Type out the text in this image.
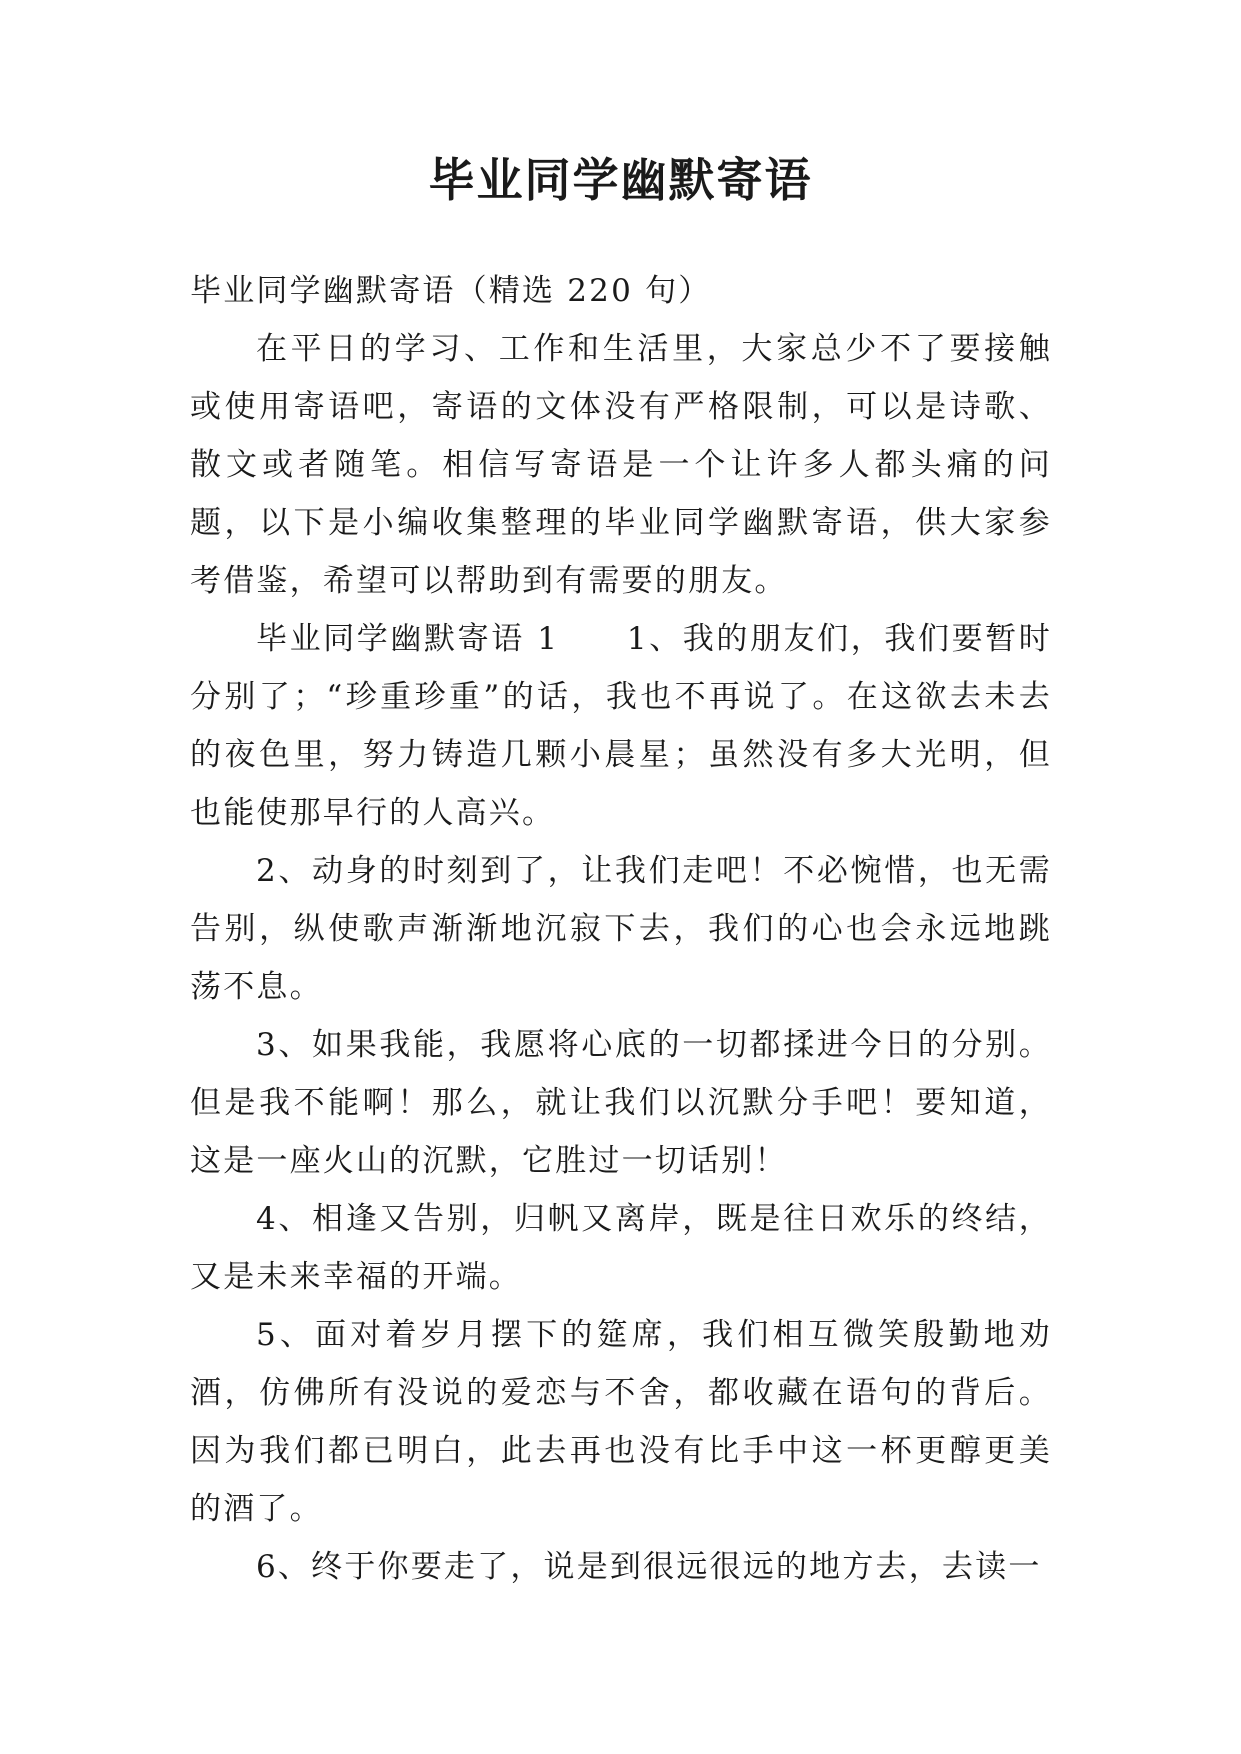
毕业同学幽默寄语

毕业同学幽默寄语（精选 220 句）

在平日的学习、工作和生活里，大家总少不了要接触或使用寄语吧，寄语的文体没有严格限制，可以是诗歌、散文或者随笔。相信写寄语是一个让许多人都头痛的问题，以下是小编收集整理的毕业同学幽默寄语，供大家参考借鉴，希望可以帮助到有需要的朋友。

毕业同学幽默寄语 1　　1、我的朋友们，我们要暂时分别了；“珍重珍重”的话，我也不再说了。在这欲去未去的夜色里，努力铸造几颗小晨星；虽然没有多大光明，但也能使那早行的人高兴。

2、动身的时刻到了，让我们走吧！不必惋惜，也无需告别，纵使歌声渐渐地沉寂下去，我们的心也会永远地跳荡不息。

3、如果我能，我愿将心底的一切都揉进今日的分别。但是我不能啊！那么，就让我们以沉默分手吧！要知道，这是一座火山的沉默，它胜过一切话别！

4、相逢又告别，归帆又离岸，既是往日欢乐的终结，又是未来幸福的开端。

5、面对着岁月摆下的筵席，我们相互微笑殷勤地劝酒，仿佛所有没说的爱恋与不舍，都收藏在语句的背后。因为我们都已明白，此去再也没有比手中这一杯更醇更美的酒了。

6、终于你要走了，说是到很远很远的地方去，去读一
